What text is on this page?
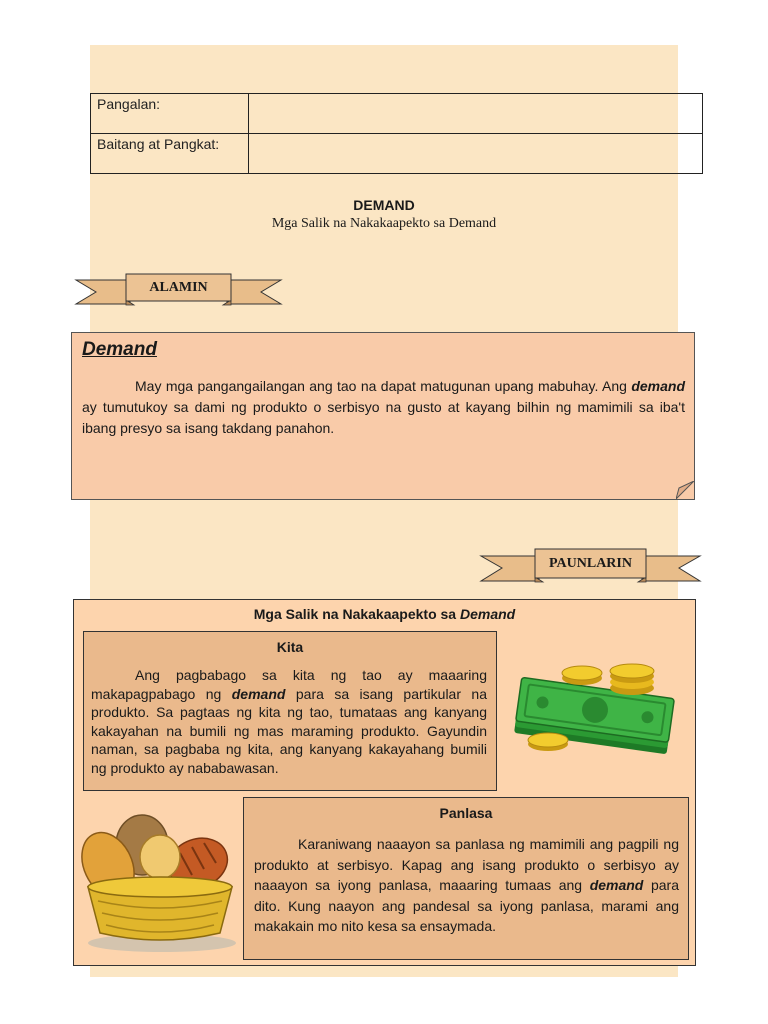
Pangalan:	
Baitang at Pangkat:	
DEMAND
Mga Salik na Nakakaapekto sa Demand
ALAMIN
Demand
May mga pangangailangan ang tao na dapat matugunan upang mabuhay. Ang demand ay tumutukoy sa dami ng produkto o serbisyo na gusto at kayang bilhin ng mamimili sa iba't ibang presyo sa isang takdang panahon.
PAUNLARIN
Mga Salik na Nakakaapekto sa Demand
Kita
Ang pagbabago sa kita ng tao ay maaaring makapagpabago ng demand para sa isang partikular na produkto. Sa pagtaas ng kita ng tao, tumataas ang kanyang kakayahan na bumili ng mas maraming produkto. Gayundin naman, sa pagbaba ng kita, ang kanyang kakayahang bumili ng produkto ay nababawasan.
Panlasa
Karaniwang naaayon sa panlasa ng mamimili ang pagpili ng produkto at serbisyo. Kapag ang isang produkto o serbisyo ay naaayon sa iyong panlasa, maaaring tumaas ang demand para dito. Kung naayon ang pandesal sa iyong panlasa, marami ang makakain mo nito kesa sa ensaymada.
